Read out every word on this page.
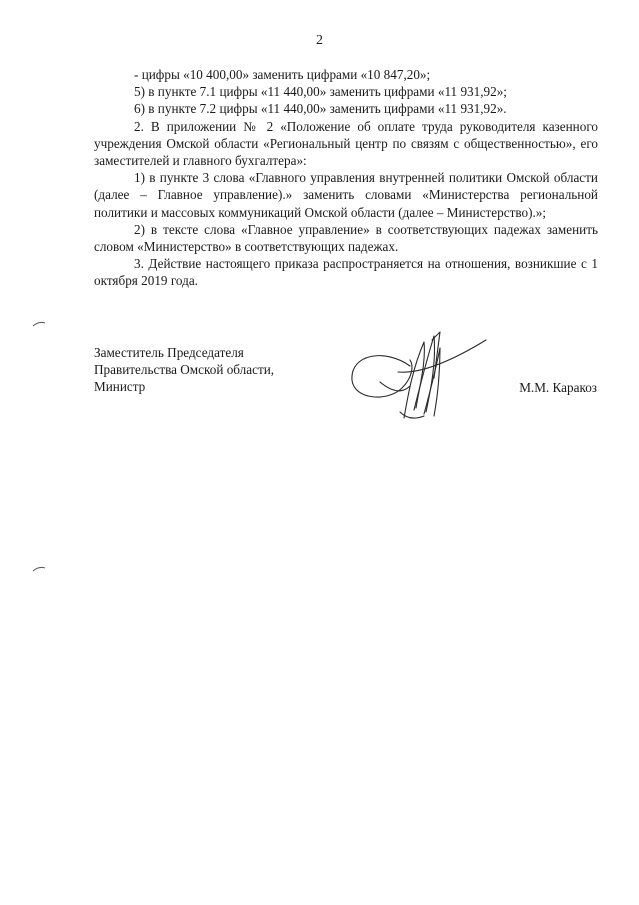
2

- цифры «10 400,00» заменить цифрами «10 847,20»;

5) в пункте 7.1 цифры «11 440,00» заменить цифрами «11 931,92»;

6) в пункте 7.2 цифры «11 440,00» заменить цифрами «11 931,92».

2. В приложении № 2 «Положение об оплате труда руководителя казенного учреждения Омской области «Региональный центр по связям с общественностью», его заместителей и главного бухгалтера»:

1) в пункте 3 слова «Главного управления внутренней политики Омской области (далее – Главное управление).» заменить словами «Министерства региональной политики и массовых коммуникаций Омской области (далее – Министерство).»;

2) в тексте слова «Главное управление» в соответствующих падежах заменить словом «Министерство» в соответствующих падежах.

3. Действие настоящего приказа распространяется на отношения, возникшие с 1 октября 2019 года.

Заместитель Председателя
Правительства Омской области,
Министр	М.М. Каракоз
